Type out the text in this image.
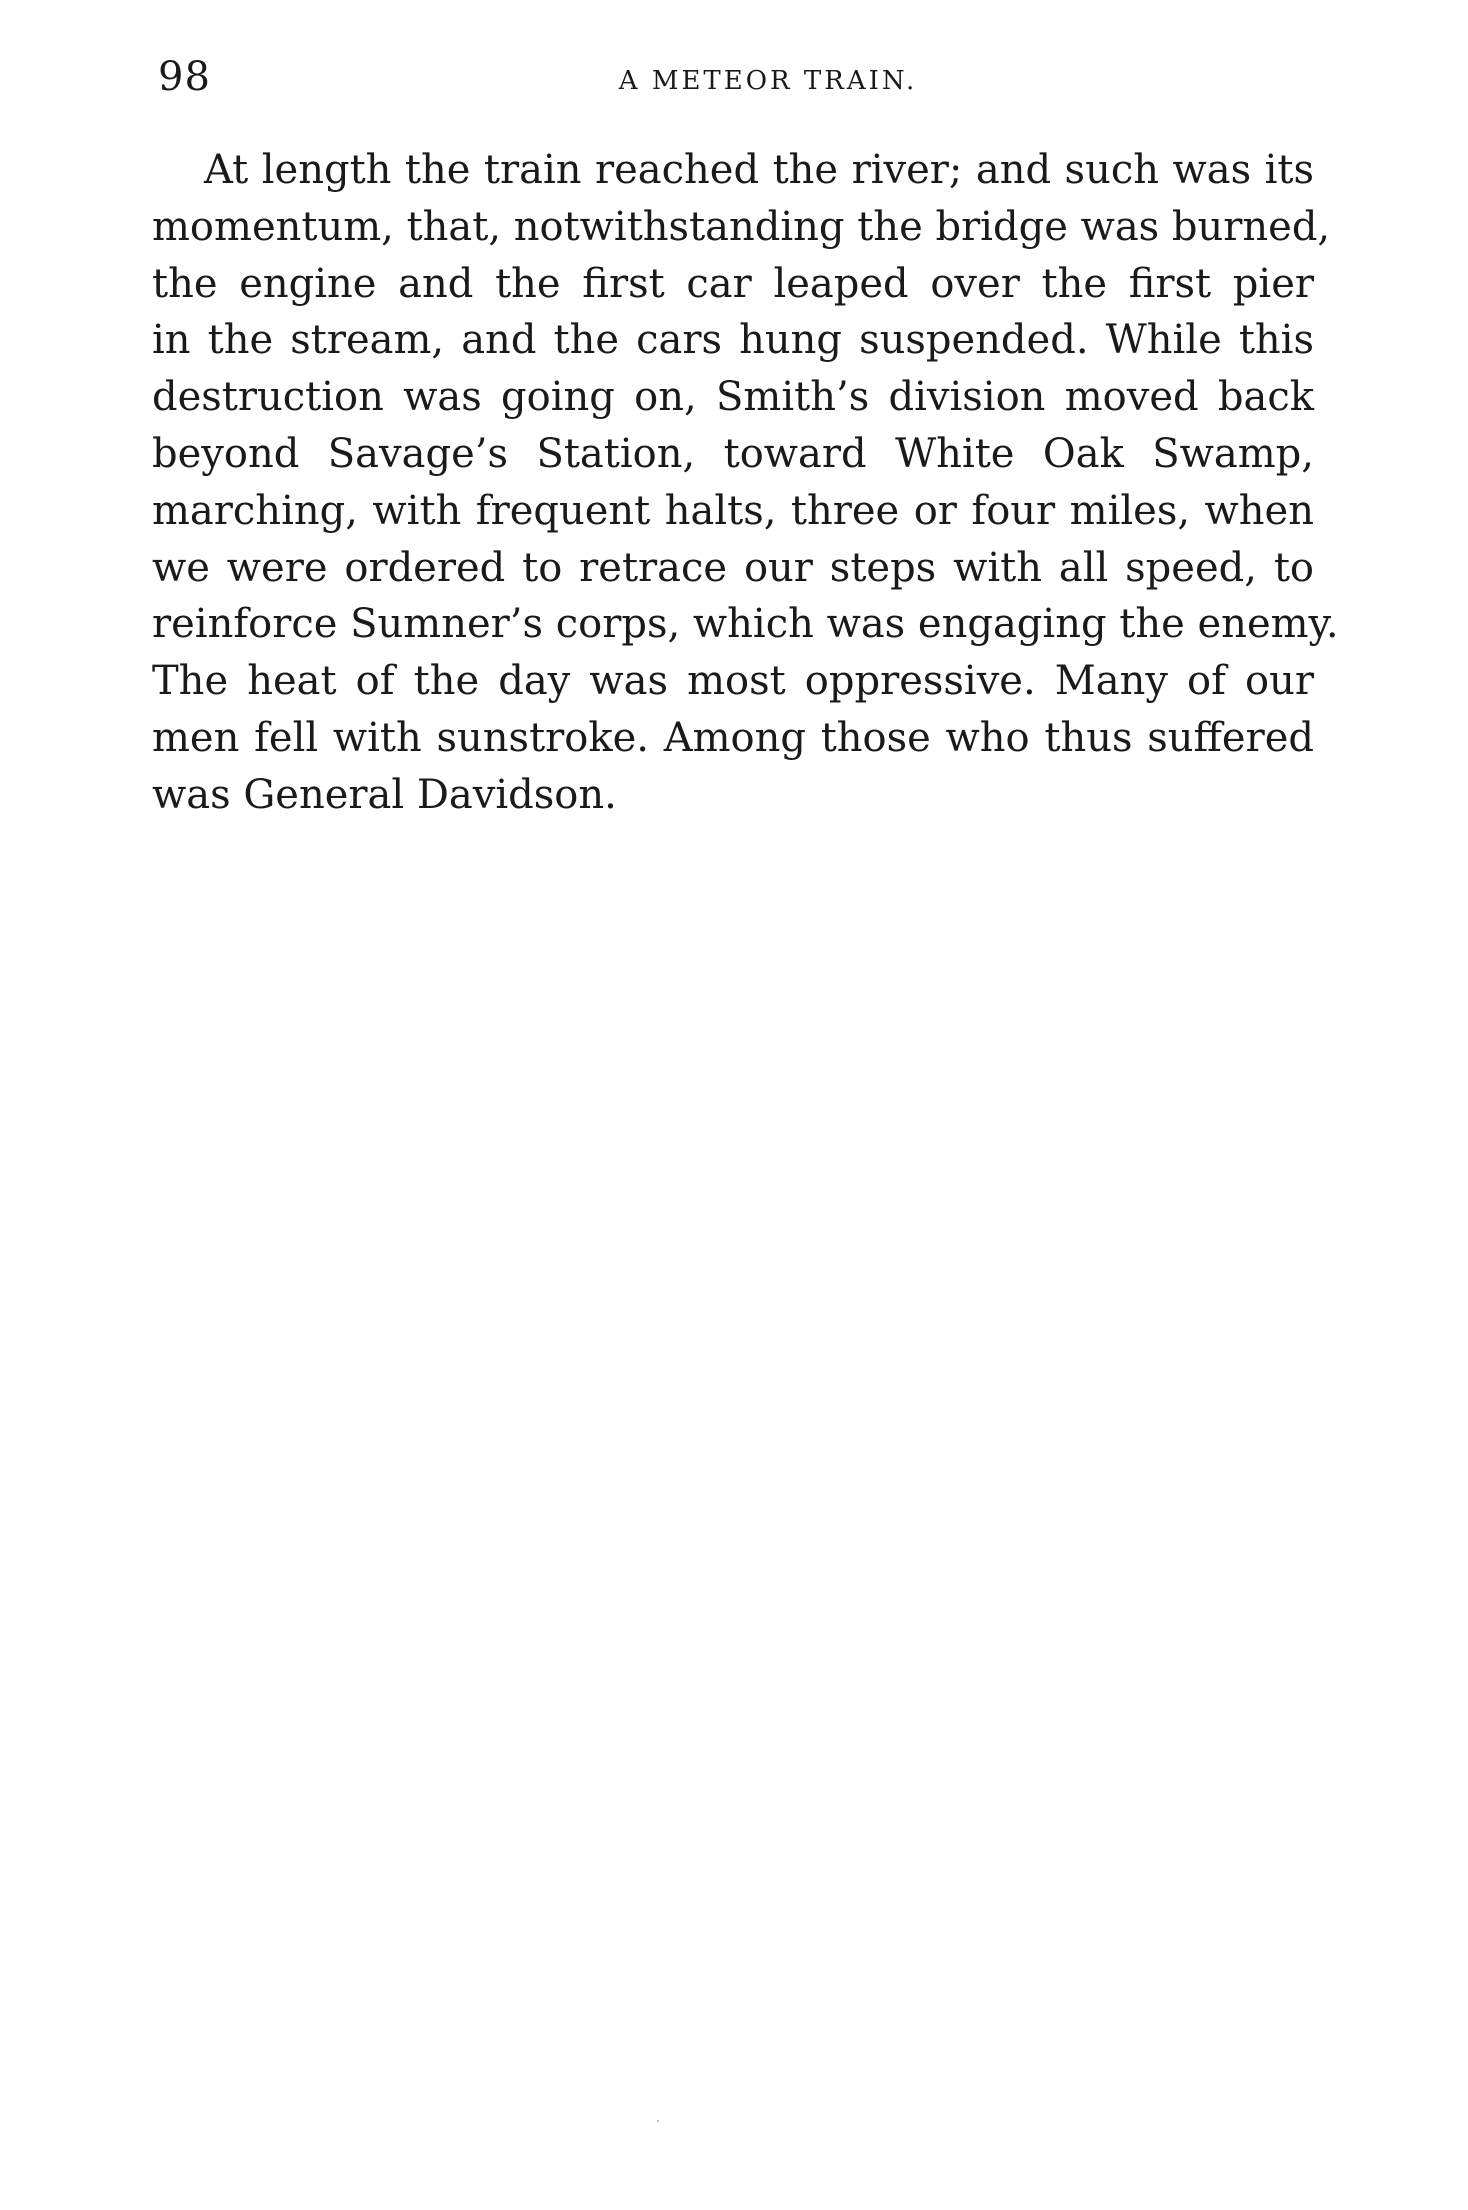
98	A METEOR TRAIN.

At length the train reached the river; and such was its
momentum, that, notwithstanding the bridge was burned,
the engine and the first car leaped over the first pier
in the stream, and the cars hung suspended. While this
destruction was going on, Smith’s division moved back
beyond Savage’s Station, toward White Oak Swamp,
marching, with frequent halts, three or four miles, when
we were ordered to retrace our steps with all speed, to
reinforce Sumner’s corps, which was engaging the enemy.
The heat of the day was most oppressive. Many of our
men fell with sunstroke. Among those who thus suffered
was General Davidson.
